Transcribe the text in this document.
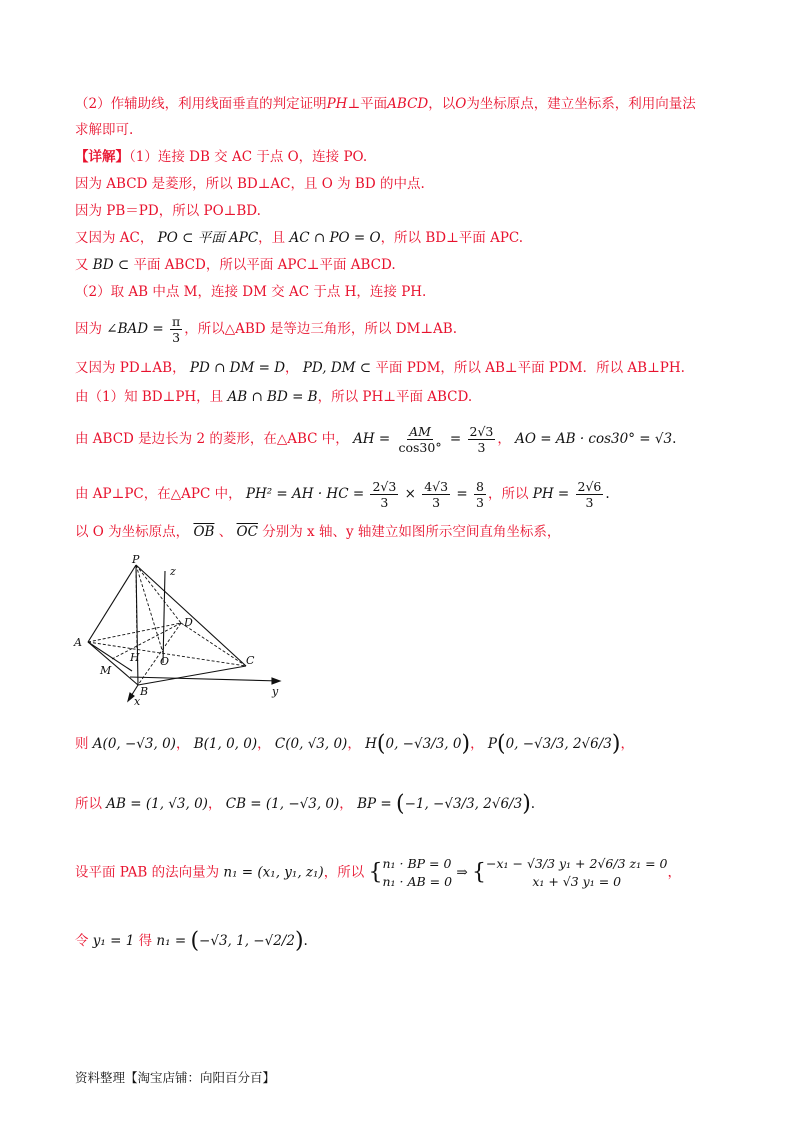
（2）作辅助线，利用线面垂直的判定证明PH⊥平面ABCD，以O为坐标原点，建立坐标系，利用向量法
求解即可.
【详解】（1）连接 DB 交 AC 于点 O，连接 PO.
因为 ABCD 是菱形，所以 BD⊥AC，且 O 为 BD 的中点.
因为 PB＝PD，所以 PO⊥BD.
又因为 AC， PO ⊂ 平面 APC，且 AC ∩ PO = O，所以 BD⊥平面 APC.
又 BD ⊂ 平面 ABCD，所以平面 APC⊥平面 ABCD.
（2）取 AB 中点 M，连接 DM 交 AC 于点 H，连接 PH.
因为 ∠BAD = $\frac{\pi}{3}$ ，所以△ABD 是等边三角形，所以 DM⊥AB.
又因为 PD⊥AB， PD ∩ DM = D， PD, DM ⊂ 平面 PDM，所以 AB⊥平面 PDM．所以 AB⊥PH.
由（1）知 BD⊥PH，且 AB ∩ BD = B，所以 PH⊥平面 ABCD.
由 ABCD 是边长为 2 的菱形，在△ABC 中， AH = $\frac{AM}{\cos 30^\circ} = \frac{2√3}{3}$ ， AO = AB · cos30° = √3.
由 AP⊥PC，在△APC 中， PH² = AH · HC = $\frac{2√3}{3} \times \frac{4√3}{3} = \frac{8}{3}$ ，所以 PH = $\frac{2√6}{3}$ .
以 O 为坐标原点， $\overline{OB}$ 、 $\overline{OC}$ 分别为 x 轴、y 轴建立如图所示空间直角坐标系，
P
z
A
D
H O
M
C
B
x
y
则 A(0, −√3, 0)， B(1, 0, 0)， C(0, √3, 0)， H(0, −√3/3, 0)， P(0, −√3/3, 2√6/3)，
所以 AB = (1, √3, 0)， CB = (1, −√3, 0)， BP = (−1, −√3/3, 2√6/3).
设平面 PAB 的法向量为 n₁ = (x₁, y₁, z₁)，所以 { n₁ · BP = 0
n₁ · AB = 0
⇒ { −x₁ − √3/3 y₁ + 2√6/3 z₁ = 0
x₁ + √3 y₁ = 0
，
令 y₁ = 1 得 n₁ = (−√3, 1, −√2/2).
资料整理【淘宝店铺：向阳百分百】
